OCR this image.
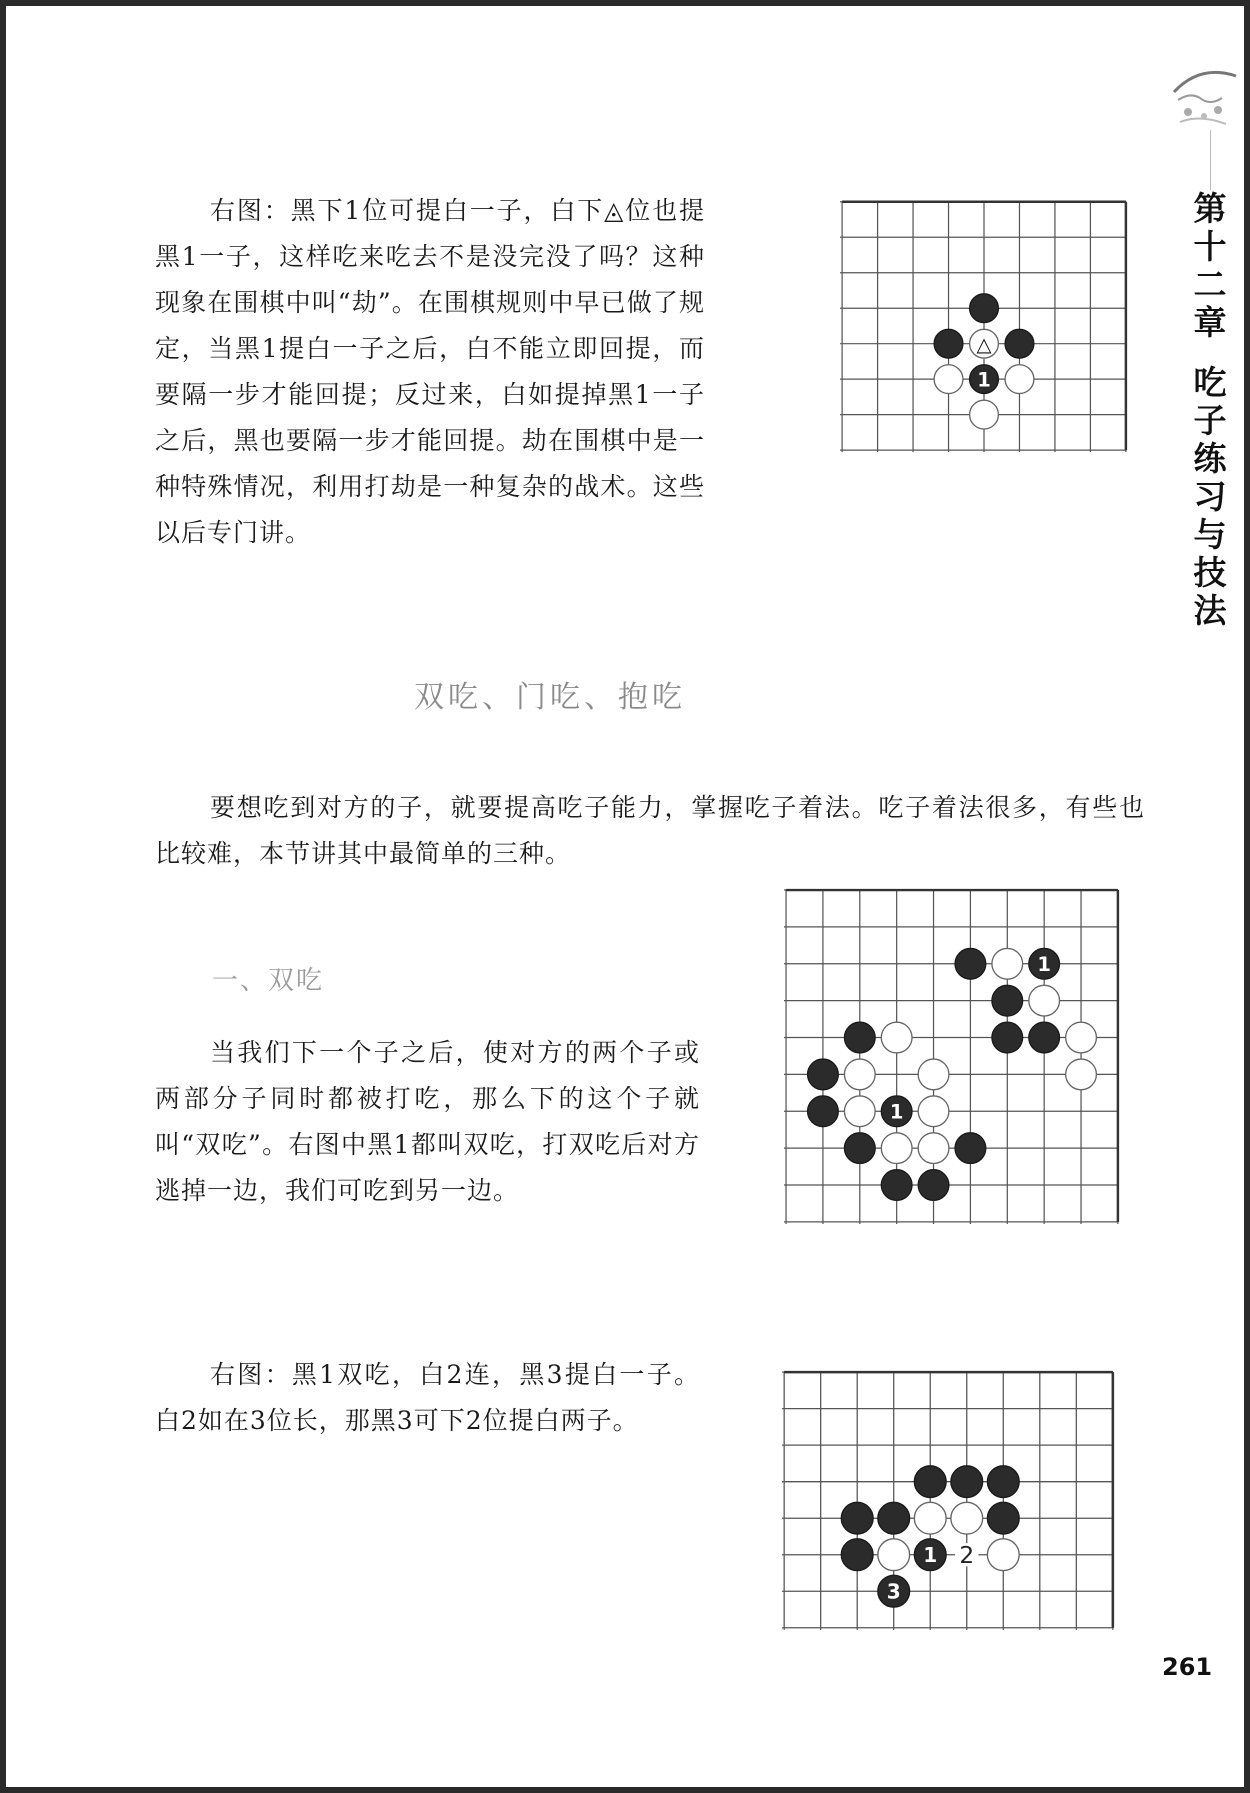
第
十
二
章
吃
子
练
习
与
技
法

右图：黑下1位可提白一子，白下◬位也提黑1一子，这样吃来吃去不是没完没了吗？这种现象在围棋中叫“劫”。在围棋规则中早已做了规定，当黑1提白一子之后，白不能立即回提，而要隔一步才能回提；反过来，白如提掉黑1一子之后，黑也要隔一步才能回提。劫在围棋中是一种特殊情况，利用打劫是一种复杂的战术。这些以后专门讲。

1
△
双吃、门吃、抱吃

要想吃到对方的子，就要提高吃子能力，掌握吃子着法。吃子着法很多，有些也比较难，本节讲其中最简单的三种。

一、双吃

当我们下一个子之后，使对方的两个子或两部分子同时都被打吃，那么下的这个子就叫“双吃”。右图中黑1都叫双吃，打双吃后对方逃掉一边，我们可吃到另一边。

1
1

右图：黑1双吃，白2连，黑3提白一子。白2如在3位长，那黑3可下2位提白两子。

1
3
2
261
